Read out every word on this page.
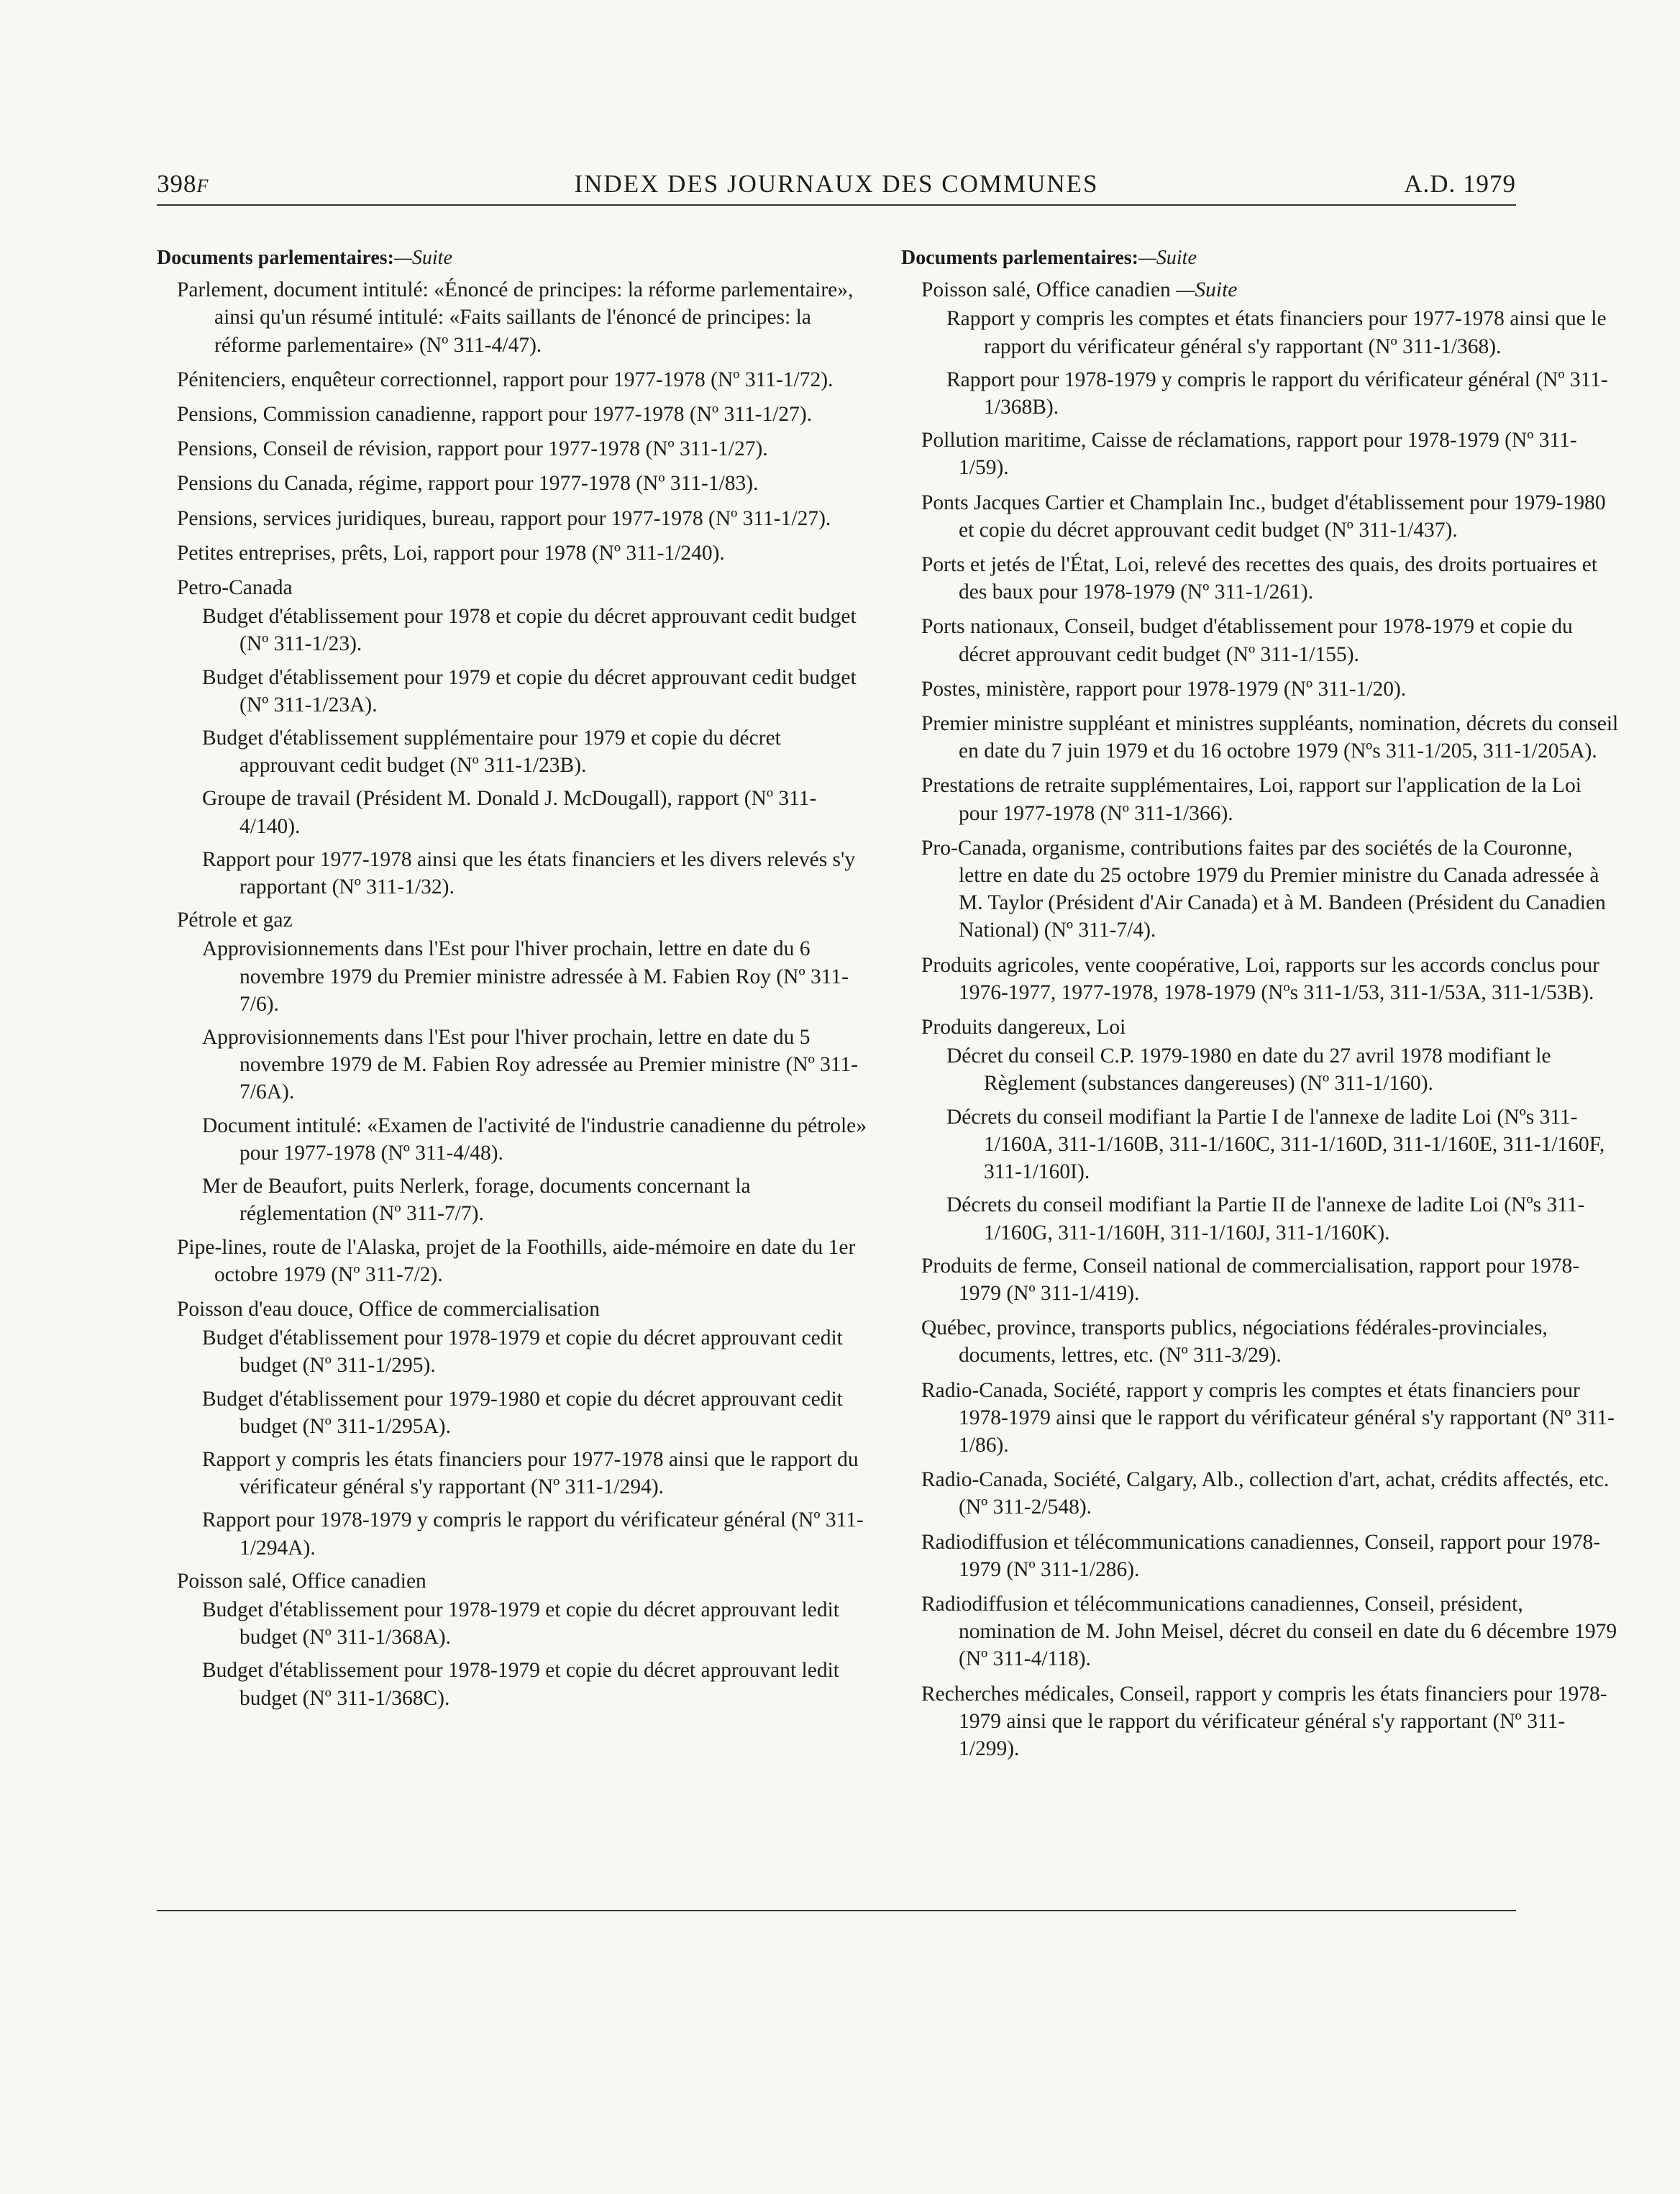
398F	INDEX DES JOURNAUX DES COMMUNES	A.D. 1979
Documents parlementaires:—Suite
Parlement, document intitulé: «Énoncé de principes: la réforme parlementaire», ainsi qu'un résumé intitulé: «Faits saillants de l'énoncé de principes: la réforme parlementaire» (Nº 311-4/47).
Pénitenciers, enquêteur correctionnel, rapport pour 1977-1978 (Nº 311-1/72).
Pensions, Commission canadienne, rapport pour 1977-1978 (Nº 311-1/27).
Pensions, Conseil de révision, rapport pour 1977-1978 (Nº 311-1/27).
Pensions du Canada, régime, rapport pour 1977-1978 (Nº 311-1/83).
Pensions, services juridiques, bureau, rapport pour 1977-1978 (Nº 311-1/27).
Petites entreprises, prêts, Loi, rapport pour 1978 (Nº 311-1/240).
Petro-Canada
Budget d'établissement pour 1978 et copie du décret approuvant cedit budget (Nº 311-1/23).
Budget d'établissement pour 1979 et copie du décret approuvant cedit budget (Nº 311-1/23A).
Budget d'établissement supplémentaire pour 1979 et copie du décret approuvant cedit budget (Nº 311-1/23B).
Groupe de travail (Président M. Donald J. McDougall), rapport (Nº 311-4/140).
Rapport pour 1977-1978 ainsi que les états financiers et les divers relevés s'y rapportant (Nº 311-1/32).
Pétrole et gaz
Approvisionnements dans l'Est pour l'hiver prochain, lettre en date du 6 novembre 1979 du Premier ministre adressée à M. Fabien Roy (Nº 311-7/6).
Approvisionnements dans l'Est pour l'hiver prochain, lettre en date du 5 novembre 1979 de M. Fabien Roy adressée au Premier ministre (Nº 311-7/6A).
Document intitulé: «Examen de l'activité de l'industrie canadienne du pétrole» pour 1977-1978 (Nº 311-4/48).
Mer de Beaufort, puits Nerlerk, forage, documents concernant la réglementation (Nº 311-7/7).
Pipe-lines, route de l'Alaska, projet de la Foothills, aide-mémoire en date du 1er octobre 1979 (Nº 311-7/2).
Poisson d'eau douce, Office de commercialisation
Budget d'établissement pour 1978-1979 et copie du décret approuvant cedit budget (Nº 311-1/295).
Budget d'établissement pour 1979-1980 et copie du décret approuvant cedit budget (Nº 311-1/295A).
Rapport y compris les états financiers pour 1977-1978 ainsi que le rapport du vérificateur général s'y rapportant (Nº 311-1/294).
Rapport pour 1978-1979 y compris le rapport du vérificateur général (Nº 311-1/294A).
Poisson salé, Office canadien
Budget d'établissement pour 1978-1979 et copie du décret approuvant ledit budget (Nº 311-1/368A).
Budget d'établissement pour 1978-1979 et copie du décret approuvant ledit budget (Nº 311-1/368C).
Documents parlementaires:—Suite
Poisson salé, Office canadien —Suite
Rapport y compris les comptes et états financiers pour 1977-1978 ainsi que le rapport du vérificateur général s'y rapportant (Nº 311-1/368).
Rapport pour 1978-1979 y compris le rapport du vérificateur général (Nº 311-1/368B).
Pollution maritime, Caisse de réclamations, rapport pour 1978-1979 (Nº 311-1/59).
Ponts Jacques Cartier et Champlain Inc., budget d'établissement pour 1979-1980 et copie du décret approuvant cedit budget (Nº 311-1/437).
Ports et jetés de l'État, Loi, relevé des recettes des quais, des droits portuaires et des baux pour 1978-1979 (Nº 311-1/261).
Ports nationaux, Conseil, budget d'établissement pour 1978-1979 et copie du décret approuvant cedit budget (Nº 311-1/155).
Postes, ministère, rapport pour 1978-1979 (Nº 311-1/20).
Premier ministre suppléant et ministres suppléants, nomination, décrets du conseil en date du 7 juin 1979 et du 16 octobre 1979 (Nºs 311-1/205, 311-1/205A).
Prestations de retraite supplémentaires, Loi, rapport sur l'application de la Loi pour 1977-1978 (Nº 311-1/366).
Pro-Canada, organisme, contributions faites par des sociétés de la Couronne, lettre en date du 25 octobre 1979 du Premier ministre du Canada adressée à M. Taylor (Président d'Air Canada) et à M. Bandeen (Président du Canadien National) (Nº 311-7/4).
Produits agricoles, vente coopérative, Loi, rapports sur les accords conclus pour 1976-1977, 1977-1978, 1978-1979 (Nºs 311-1/53, 311-1/53A, 311-1/53B).
Produits dangereux, Loi
Décret du conseil C.P. 1979-1980 en date du 27 avril 1978 modifiant le Règlement (substances dangereuses) (Nº 311-1/160).
Décrets du conseil modifiant la Partie I de l'annexe de ladite Loi (Nºs 311-1/160A, 311-1/160B, 311-1/160C, 311-1/160D, 311-1/160E, 311-1/160F, 311-1/160I).
Décrets du conseil modifiant la Partie II de l'annexe de ladite Loi (Nºs 311-1/160G, 311-1/160H, 311-1/160J, 311-1/160K).
Produits de ferme, Conseil national de commercialisation, rapport pour 1978-1979 (Nº 311-1/419).
Québec, province, transports publics, négociations fédérales-provinciales, documents, lettres, etc. (Nº 311-3/29).
Radio-Canada, Société, rapport y compris les comptes et états financiers pour 1978-1979 ainsi que le rapport du vérificateur général s'y rapportant (Nº 311-1/86).
Radio-Canada, Société, Calgary, Alb., collection d'art, achat, crédits affectés, etc. (Nº 311-2/548).
Radiodiffusion et télécommunications canadiennes, Conseil, rapport pour 1978-1979 (Nº 311-1/286).
Radiodiffusion et télécommunications canadiennes, Conseil, président, nomination de M. John Meisel, décret du conseil en date du 6 décembre 1979 (Nº 311-4/118).
Recherches médicales, Conseil, rapport y compris les états financiers pour 1978-1979 ainsi que le rapport du vérificateur général s'y rapportant (Nº 311-1/299).
